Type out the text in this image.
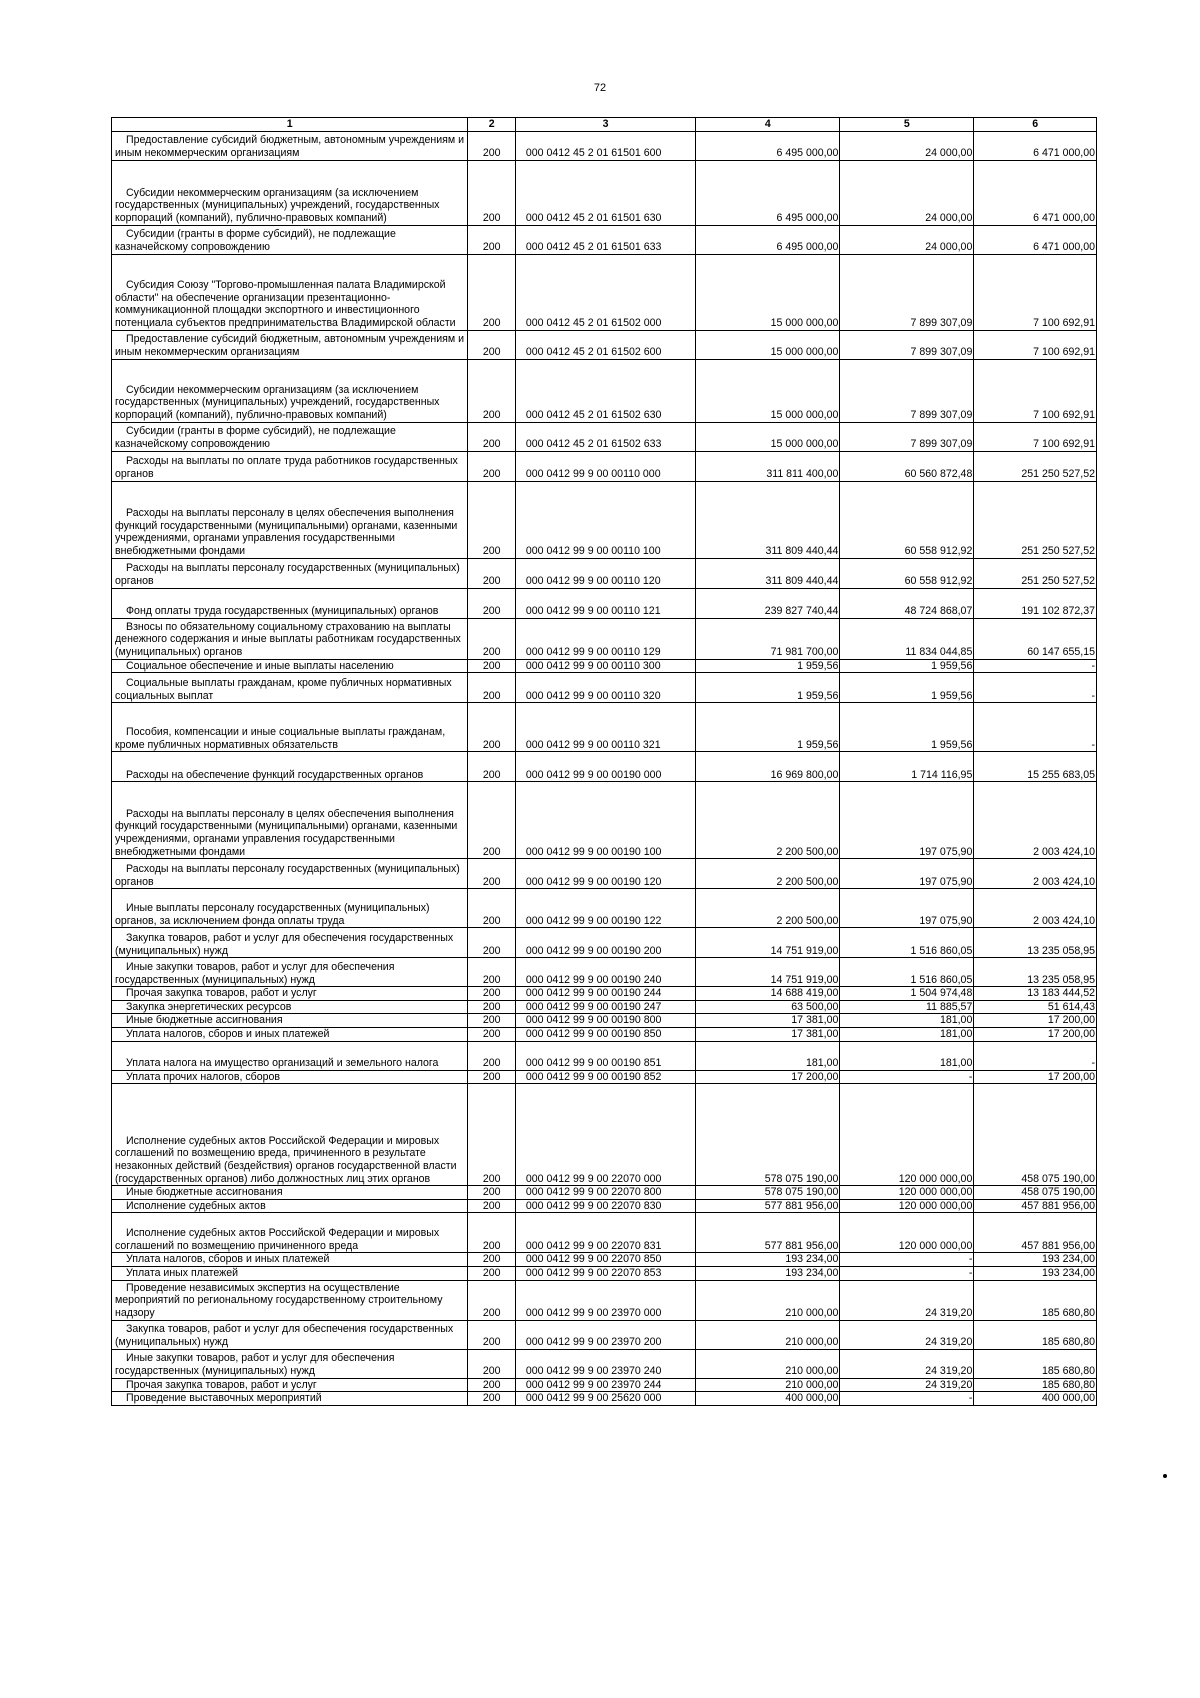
72
1	2	3	4	5	6

Предоставление субсидий бюджетным, автономным учреждениям и иным некоммерческим организациям	200	000 0412 45 2 01 61501 600	6 495 000,00	24 000,00	6 471 000,00

Субсидии некоммерческим организациям (за исключением государственных (муниципальных) учреждений, государственных корпораций (компаний), публично-правовых компаний)	200	000 0412 45 2 01 61501 630	6 495 000,00	24 000,00	6 471 000,00

Субсидии (гранты в форме субсидий), не подлежащие казначейскому сопровождению	200	000 0412 45 2 01 61501 633	6 495 000,00	24 000,00	6 471 000,00

Субсидия Союзу "Торгово-промышленная палата Владимирской области" на обеспечение организации презентационно-коммуникационной площадки экспортного и инвестиционного потенциала субъектов предпринимательства Владимирской области	200	000 0412 45 2 01 61502 000	15 000 000,00	7 899 307,09	7 100 692,91

Предоставление субсидий бюджетным, автономным учреждениям и иным некоммерческим организациям	200	000 0412 45 2 01 61502 600	15 000 000,00	7 899 307,09	7 100 692,91

Субсидии некоммерческим организациям (за исключением государственных (муниципальных) учреждений, государственных корпораций (компаний), публично-правовых компаний)	200	000 0412 45 2 01 61502 630	15 000 000,00	7 899 307,09	7 100 692,91

Субсидии (гранты в форме субсидий), не подлежащие казначейскому сопровождению	200	000 0412 45 2 01 61502 633	15 000 000,00	7 899 307,09	7 100 692,91

Расходы на выплаты по оплате труда работников государственных органов	200	000 0412 99 9 00 00110 000	311 811 400,00	60 560 872,48	251 250 527,52

Расходы на выплаты персоналу в целях обеспечения выполнения функций государственными (муниципальными) органами, казенными учреждениями, органами управления государственными внебюджетными фондами	200	000 0412 99 9 00 00110 100	311 809 440,44	60 558 912,92	251 250 527,52

Расходы на выплаты персоналу государственных (муниципальных) органов	200	000 0412 99 9 00 00110 120	311 809 440,44	60 558 912,92	251 250 527,52

Фонд оплаты труда государственных (муниципальных) органов	200	000 0412 99 9 00 00110 121	239 827 740,44	48 724 868,07	191 102 872,37

Взносы по обязательному социальному страхованию на выплаты денежного содержания и иные выплаты работникам государственных (муниципальных) органов	200	000 0412 99 9 00 00110 129	71 981 700,00	11 834 044,85	60 147 655,15

Социальное обеспечение и иные выплаты населению	200	000 0412 99 9 00 00110 300	1 959,56	1 959,56	-

Социальные выплаты гражданам, кроме публичных нормативных социальных выплат	200	000 0412 99 9 00 00110 320	1 959,56	1 959,56	-

Пособия, компенсации и иные социальные выплаты гражданам, кроме публичных нормативных обязательств	200	000 0412 99 9 00 00110 321	1 959,56	1 959,56	-

Расходы на обеспечение функций государственных органов	200	000 0412 99 9 00 00190 000	16 969 800,00	1 714 116,95	15 255 683,05

Расходы на выплаты персоналу в целях обеспечения выполнения функций государственными (муниципальными) органами, казенными учреждениями, органами управления государственными внебюджетными фондами	200	000 0412 99 9 00 00190 100	2 200 500,00	197 075,90	2 003 424,10

Расходы на выплаты персоналу государственных (муниципальных) органов	200	000 0412 99 9 00 00190 120	2 200 500,00	197 075,90	2 003 424,10

Иные выплаты персоналу государственных (муниципальных) органов, за исключением фонда оплаты труда	200	000 0412 99 9 00 00190 122	2 200 500,00	197 075,90	2 003 424,10

Закупка товаров, работ и услуг для обеспечения государственных (муниципальных) нужд	200	000 0412 99 9 00 00190 200	14 751 919,00	1 516 860,05	13 235 058,95

Иные закупки товаров, работ и услуг для обеспечения государственных (муниципальных) нужд	200	000 0412 99 9 00 00190 240	14 751 919,00	1 516 860,05	13 235 058,95

Прочая закупка товаров, работ и услуг	200	000 0412 99 9 00 00190 244	14 688 419,00	1 504 974,48	13 183 444,52

Закупка энергетических ресурсов	200	000 0412 99 9 00 00190 247	63 500,00	11 885,57	51 614,43

Иные бюджетные ассигнования	200	000 0412 99 9 00 00190 800	17 381,00	181,00	17 200,00

Уплата налогов, сборов и иных платежей	200	000 0412 99 9 00 00190 850	17 381,00	181,00	17 200,00

Уплата налога на имущество организаций и земельного налога	200	000 0412 99 9 00 00190 851	181,00	181,00	-

Уплата прочих налогов, сборов	200	000 0412 99 9 00 00190 852	17 200,00	-	17 200,00

Исполнение судебных актов Российской Федерации и мировых соглашений по возмещению вреда, причиненного в результате незаконных действий (бездействия) органов государственной власти (государственных органов) либо должностных лиц этих органов	200	000 0412 99 9 00 22070 000	578 075 190,00	120 000 000,00	458 075 190,00

Иные бюджетные ассигнования	200	000 0412 99 9 00 22070 800	578 075 190,00	120 000 000,00	458 075 190,00

Исполнение судебных актов	200	000 0412 99 9 00 22070 830	577 881 956,00	120 000 000,00	457 881 956,00

Исполнение судебных актов Российской Федерации и мировых соглашений по возмещению причиненного вреда	200	000 0412 99 9 00 22070 831	577 881 956,00	120 000 000,00	457 881 956,00

Уплата налогов, сборов и иных платежей	200	000 0412 99 9 00 22070 850	193 234,00	-	193 234,00

Уплата иных платежей	200	000 0412 99 9 00 22070 853	193 234,00	-	193 234,00

Проведение независимых экспертиз на осуществление мероприятий по региональному государственному строительному надзору	200	000 0412 99 9 00 23970 000	210 000,00	24 319,20	185 680,80

Закупка товаров, работ и услуг для обеспечения государственных (муниципальных) нужд	200	000 0412 99 9 00 23970 200	210 000,00	24 319,20	185 680,80

Иные закупки товаров, работ и услуг для обеспечения государственных (муниципальных) нужд	200	000 0412 99 9 00 23970 240	210 000,00	24 319,20	185 680,80

Прочая закупка товаров, работ и услуг	200	000 0412 99 9 00 23970 244	210 000,00	24 319,20	185 680,80

Проведение выставочных мероприятий	200	000 0412 99 9 00 25620 000	400 000,00	-	400 000,00
